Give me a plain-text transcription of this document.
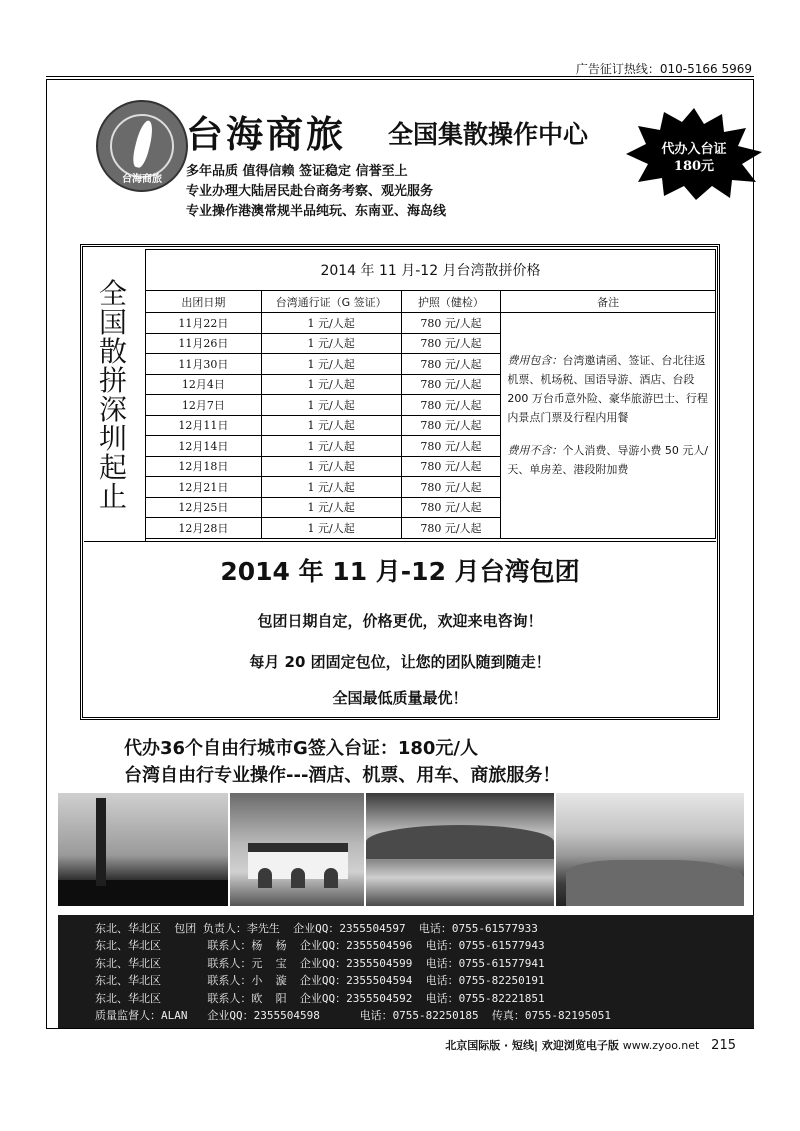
广告征订热线：010-5166 5969
台海商旅
台海商旅 全国集散操作中心
多年品质 值得信赖 签证稳定 信誉至上
专业办理大陆居民赴台商务考察、观光服务
专业操作港澳常规半品纯玩、东南亚、海岛线
代办入台证
180元
全
国
散
拼
深
圳
起
止
2014 年 11 月-12 月台湾散拼价格			
出团日期	台湾通行证（G 签证）	护照（健检）	备注
11月22日	1 元/人起	780 元/人起	费用包含：台湾邀请函、签证、台北往返机票、机场税、国语导游、酒店、台段 200 万台币意外险、豪华旅游巴士、行程内景点门票及行程内用餐
费用不含：个人消费、导游小费 50 元人/天、单房差、港段附加费

11月26日	1 元/人起	780 元/人起	
11月30日	1 元/人起	780 元/人起	
12月4日	1 元/人起	780 元/人起	
12月7日	1 元/人起	780 元/人起	
12月11日	1 元/人起	780 元/人起	
12月14日	1 元/人起	780 元/人起	
12月18日	1 元/人起	780 元/人起	
12月21日	1 元/人起	780 元/人起	
12月25日	1 元/人起	780 元/人起	
12月28日	1 元/人起	780 元/人起	
2014 年 11 月-12 月台湾包团
包团日期自定，价格更优，欢迎来电咨询！
每月 20 团固定包位，让您的团队随到随走！
全国最低质量最优！
代办36个自由行城市G签入台证：180元/人
台湾自由行专业操作---酒店、机票、用车、商旅服务！
东北、华北区  包团 负责人：李先生  企业QQ：2355504597  电话：0755-61577933
东北、华北区       联系人：杨  杨  企业QQ：2355504596  电话：0755-61577943
东北、华北区       联系人：元  宝  企业QQ：2355504599  电话：0755-61577941
东北、华北区       联系人：小  漩  企业QQ：2355504594  电话：0755-82250191
东北、华北区       联系人：欧  阳  企业QQ：2355504592  电话：0755-82221851
质量监督人：ALAN   企业QQ：2355504598      电话：0755-82250185  传真：0755-82195051
北京国际版 · 短线| 欢迎浏览电子版 www.zyoo.net 215
